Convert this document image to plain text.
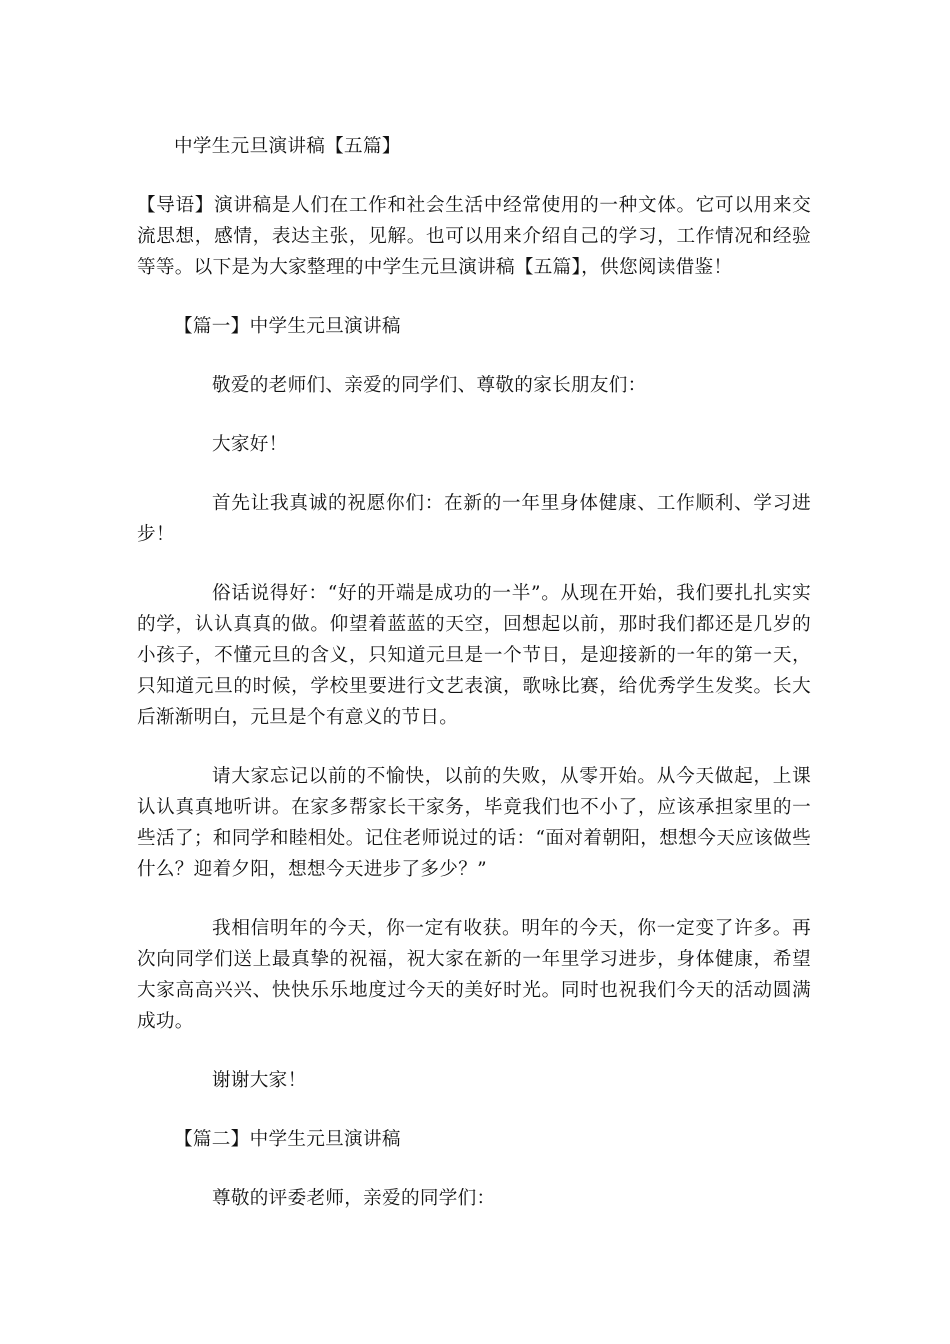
中学生元旦演讲稿【五篇】

【导语】演讲稿是人们在工作和社会生活中经常使用的一种文体。它可以用来交流思想，感情，表达主张，见解。也可以用来介绍自己的学习，工作情况和经验等等。以下是为大家整理的中学生元旦演讲稿【五篇】，供您阅读借鉴！

【篇一】中学生元旦演讲稿

敬爱的老师们、亲爱的同学们、尊敬的家长朋友们：

大家好！

首先让我真诚的祝愿你们：在新的一年里身体健康、工作顺利、学习进步！

俗话说得好：“好的开端是成功的一半”。从现在开始，我们要扎扎实实的学，认认真真的做。仰望着蓝蓝的天空，回想起以前，那时我们都还是几岁的小孩子，不懂元旦的含义，只知道元旦是一个节日，是迎接新的一年的第一天，只知道元旦的时候，学校里要进行文艺表演，歌咏比赛，给优秀学生发奖。长大后渐渐明白，元旦是个有意义的节日。

请大家忘记以前的不愉快，以前的失败，从零开始。从今天做起，上课认认真真地听讲。在家多帮家长干家务，毕竟我们也不小了，应该承担家里的一些活了；和同学和睦相处。记住老师说过的话：“面对着朝阳，想想今天应该做些什么？迎着夕阳，想想今天进步了多少？”

我相信明年的今天，你一定有收获。明年的今天，你一定变了许多。再次向同学们送上最真挚的祝福，祝大家在新的一年里学习进步，身体健康，希望大家高高兴兴、快快乐乐地度过今天的美好时光。同时也祝我们今天的活动圆满成功。

谢谢大家！

【篇二】中学生元旦演讲稿

尊敬的评委老师，亲爱的同学们：
